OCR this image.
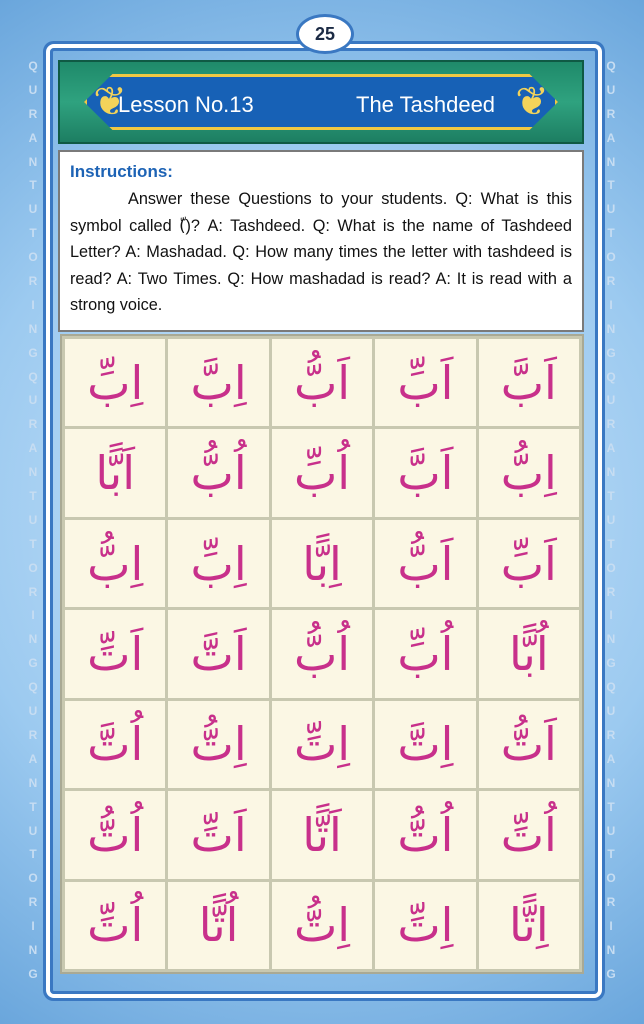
Q
U
R
A
N
T
U
T
O
R
I
N
G
Q
U
R
A
N
T
U
T
O
R
I
N
G
Q
U
R
A
N
T
U
T
O
R
I
N
G
Q
U
R
A
N
T
U
T
O
R
I
N
G
Q
U
R
A
N
T
U
T
O
R
I
N
G
Q
U
R
A
N
T
U
T
O
R
I
N
G
25
❦	❦
Lesson No.13	The Tashdeed

Instructions:

Answer these Questions to your students. Q: What is this symbol called (ّ)? A: Tashdeed. Q: What is the name of Tashdeed Letter? A: Mashadad. Q: How many times the letter with tashdeed is read? A: Two Times. Q: How mashadad is read? A: It is read with a strong voice.

اِبِّ اِبَّ اَبُّ اَبِّ اَبَّ
اَبًّا اُبُّ اُبِّ اَبَّ اِبُّ
اِبُّ اِبِّ اِبًّا اَبُّ اَبِّ
اَتِّ اَتَّ اُبُّ اُبِّ اُبًّا
اُتَّ اِتُّ اِتِّ اِتَّ اَتُّ
اُتُّ اَتِّ اَتًّا اُتُّ اُتِّ
اُتِّ اُتًّا اِتُّ اِتِّ اِتًّا
